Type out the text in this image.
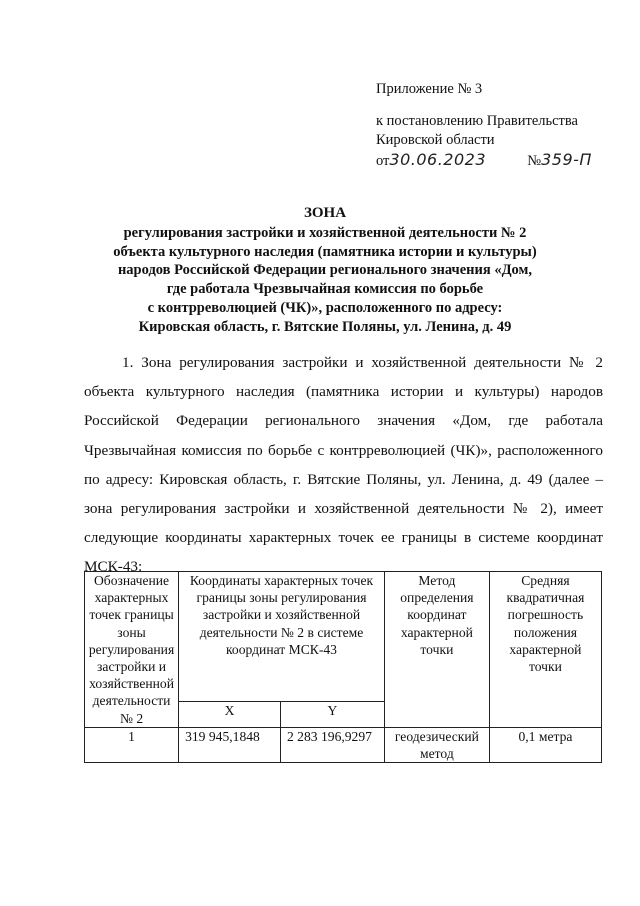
Приложение № 3
к постановлению Правительства
Кировской области
от30.06.2023	№359-П
ЗОНА
регулирования застройки и хозяйственной деятельности № 2
объекта культурного наследия (памятника истории и культуры)
народов Российской Федерации регионального значения «Дом,
где работала Чрезвычайная комиссия по борьбе
с контрреволюцией (ЧК)», расположенного по адресу:
Кировская область, г. Вятские Поляны, ул. Ленина, д. 49
1. Зона регулирования застройки и хозяйственной деятельности № 2 объекта культурного наследия (памятника истории и культуры) народов Российской Федерации регионального значения «Дом, где работала Чрезвычайная комиссия по борьбе с контрреволюцией (ЧК)», расположенного по адресу: Кировская область, г. Вятские Поляны, ул. Ленина, д. 49 (далее – зона регулирования застройки и хозяйственной деятельности № 2), имеет следующие координаты характерных точек ее границы в системе координат МСК-43:
Обозначение характерных точек границы зоны регулирования застройки и хозяйственной деятельности № 2	Координаты характерных точек границы зоны регулирования застройки и хозяйственной деятельности № 2 в системе координат МСК-43		Метод определения координат характерной точки	Средняя квадратичная погрешность положения характерной точки
	X	Y		
1	319 945,1848	2 283 196,9297	геодезический метод	0,1 метра
